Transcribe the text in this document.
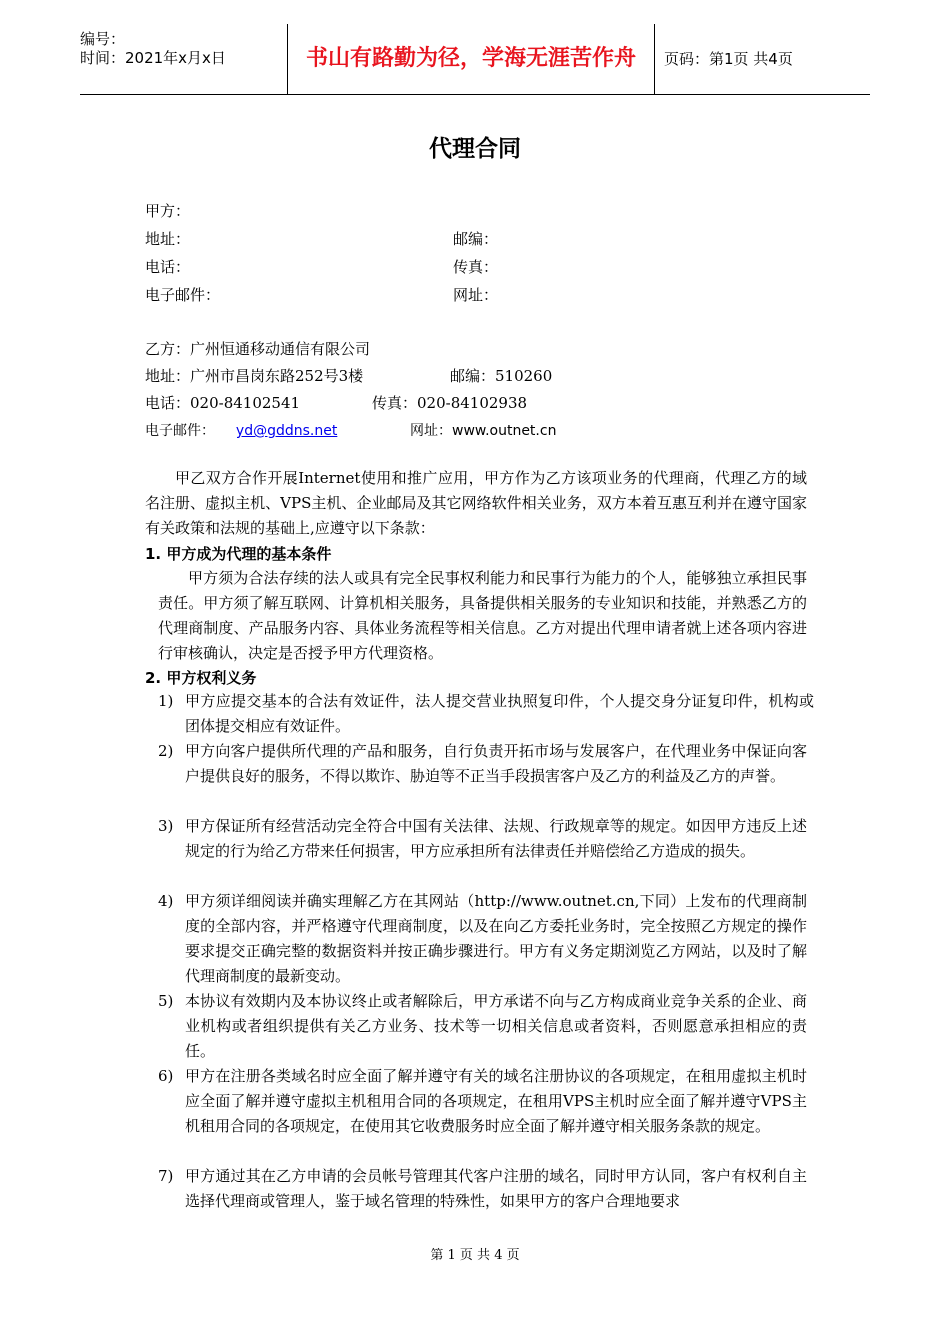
编号：
时间：2021年x月x日	书山有路勤为径，学海无涯苦作舟	页码：第1页 共4页
代理合同
甲方：
地址：	邮编：
电话：	传真：
电子邮件：	网址：
乙方：广州恒通移动通信有限公司
地址：广州市昌岗东路252号3楼	邮编：510260
电话：020-84102541	传真：020-84102938
电子邮件： yd@gddns.net	网址：www.outnet.cn
甲乙双方合作开展Internet使用和推广应用，甲方作为乙方该项业务的代理商，代理乙方的域名注册、虚拟主机、VPS主机、企业邮局及其它网络软件相关业务，双方本着互惠互利并在遵守国家有关政策和法规的基础上,应遵守以下条款：
1. 甲方成为代理的基本条件
甲方须为合法存续的法人或具有完全民事权利能力和民事行为能力的个人，能够独立承担民事责任。甲方须了解互联网、计算机相关服务，具备提供相关服务的专业知识和技能，并熟悉乙方的代理商制度、产品服务内容、具体业务流程等相关信息。乙方对提出代理申请者就上述各项内容进行审核确认，决定是否授予甲方代理资格。
2. 甲方权利义务
1) 甲方应提交基本的合法有效证件，法人提交营业执照复印件，个人提交身分证复印件，机构或团体提交相应有效证件。
2) 甲方向客户提供所代理的产品和服务，自行负责开拓市场与发展客户，在代理业务中保证向客户提供良好的服务，不得以欺诈、胁迫等不正当手段损害客户及乙方的利益及乙方的声誉。
3) 甲方保证所有经营活动完全符合中国有关法律、法规、行政规章等的规定。如因甲方违反上述规定的行为给乙方带来任何损害，甲方应承担所有法律责任并赔偿给乙方造成的损失。
4) 甲方须详细阅读并确实理解乙方在其网站（http://www.outnet.cn,下同）上发布的代理商制度的全部内容，并严格遵守代理商制度，以及在向乙方委托业务时，完全按照乙方规定的操作要求提交正确完整的数据资料并按正确步骤进行。甲方有义务定期浏览乙方网站，以及时了解代理商制度的最新变动。
5) 本协议有效期内及本协议终止或者解除后，甲方承诺不向与乙方构成商业竞争关系的企业、商业机构或者组织提供有关乙方业务、技术等一切相关信息或者资料，否则愿意承担相应的责任。
6) 甲方在注册各类域名时应全面了解并遵守有关的域名注册协议的各项规定，在租用虚拟主机时应全面了解并遵守虚拟主机租用合同的各项规定，在租用VPS主机时应全面了解并遵守VPS主机租用合同的各项规定，在使用其它收费服务时应全面了解并遵守相关服务条款的规定。
7) 甲方通过其在乙方申请的会员帐号管理其代客户注册的域名，同时甲方认同，客户有权利自主选择代理商或管理人，鉴于域名管理的特殊性，如果甲方的客户合理地要求
第 1 页 共 4 页
